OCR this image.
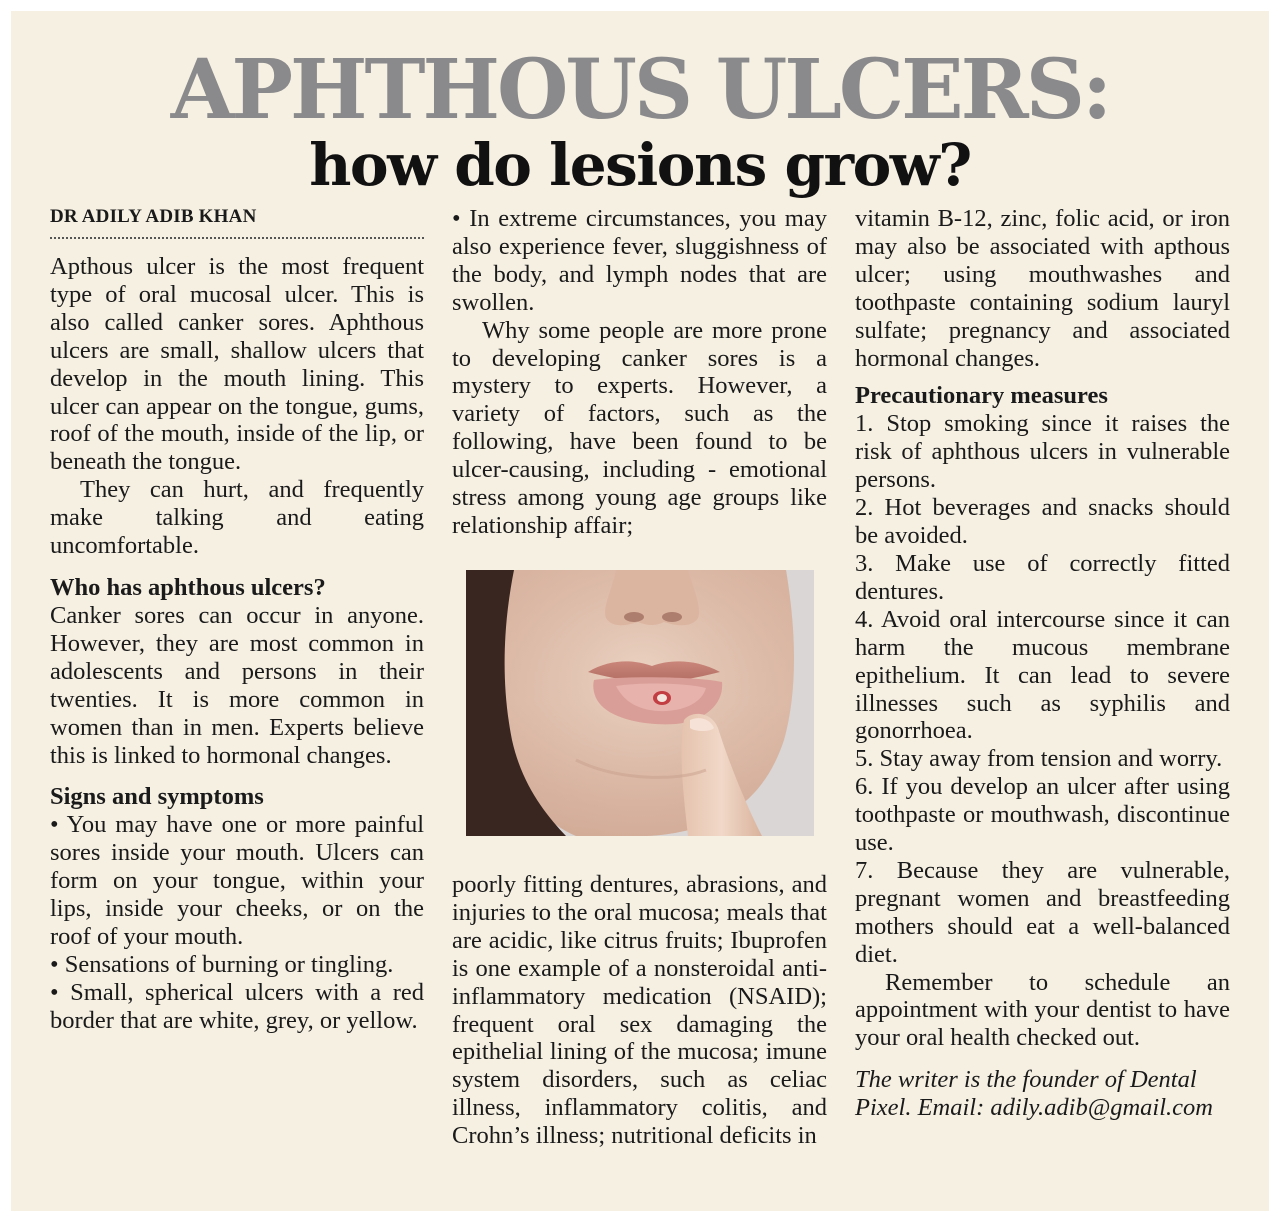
APHTHOUS ULCERS:
how do lesions grow?

DR ADILY ADIB KHAN

Apthous ulcer is the most frequent type of oral mucosal ulcer. This is also called canker sores. Aphthous ulcers are small, shallow ulcers that develop in the mouth lining. This ulcer can appear on the tongue, gums, roof of the mouth, inside of the lip, or beneath the tongue.

They can hurt, and frequently make talking and eating uncomfortable.

Who has aphthous ulcers?

Canker sores can occur in anyone. However, they are most common in adolescents and persons in their twenties. It is more common in women than in men. Experts believe this is linked to hormonal changes.

Signs and symptoms

• You may have one or more painful sores inside your mouth. Ulcers can form on your tongue, within your lips, inside your cheeks, or on the roof of your mouth.

• Sensations of burning or tingling.

• Small, spherical ulcers with a red border that are white, grey, or yellow.

• In extreme circumstances, you may also experience fever, sluggishness of the body, and lymph nodes that are swollen.

Why some people are more prone to developing canker sores is a mystery to experts. However, a variety of factors, such as the following, have been found to be ulcer-causing, including - emotional stress among young age groups like relationship affair;

poorly fitting dentures, abrasions, and injuries to the oral mucosa; meals that are acidic, like citrus fruits; Ibuprofen is one example of a nonsteroidal anti-inflammatory medication (NSAID); frequent oral sex damaging the epithelial lining of the mucosa; imune system disorders, such as celiac illness, inflammatory colitis, and Crohn’s illness; nutritional deficits in

vitamin B-12, zinc, folic acid, or iron may also be associated with apthous ulcer; using mouthwashes and toothpaste containing sodium lauryl sulfate; pregnancy and associated hormonal changes.

Precautionary measures

1. Stop smoking since it raises the risk of aphthous ulcers in vulnerable persons.

2. Hot beverages and snacks should be avoided.

3. Make use of correctly fitted dentures.

4. Avoid oral intercourse since it can harm the mucous membrane epithelium. It can lead to severe illnesses such as syphilis and gonorrhoea.

5. Stay away from tension and worry.

6. If you develop an ulcer after using toothpaste or mouthwash, discontinue use.

7. Because they are vulnerable, pregnant women and breastfeeding mothers should eat a well-balanced diet.

Remember to schedule an appointment with your dentist to have your oral health checked out.

The writer is the founder of Dental Pixel. Email: adily.adib@gmail.com
